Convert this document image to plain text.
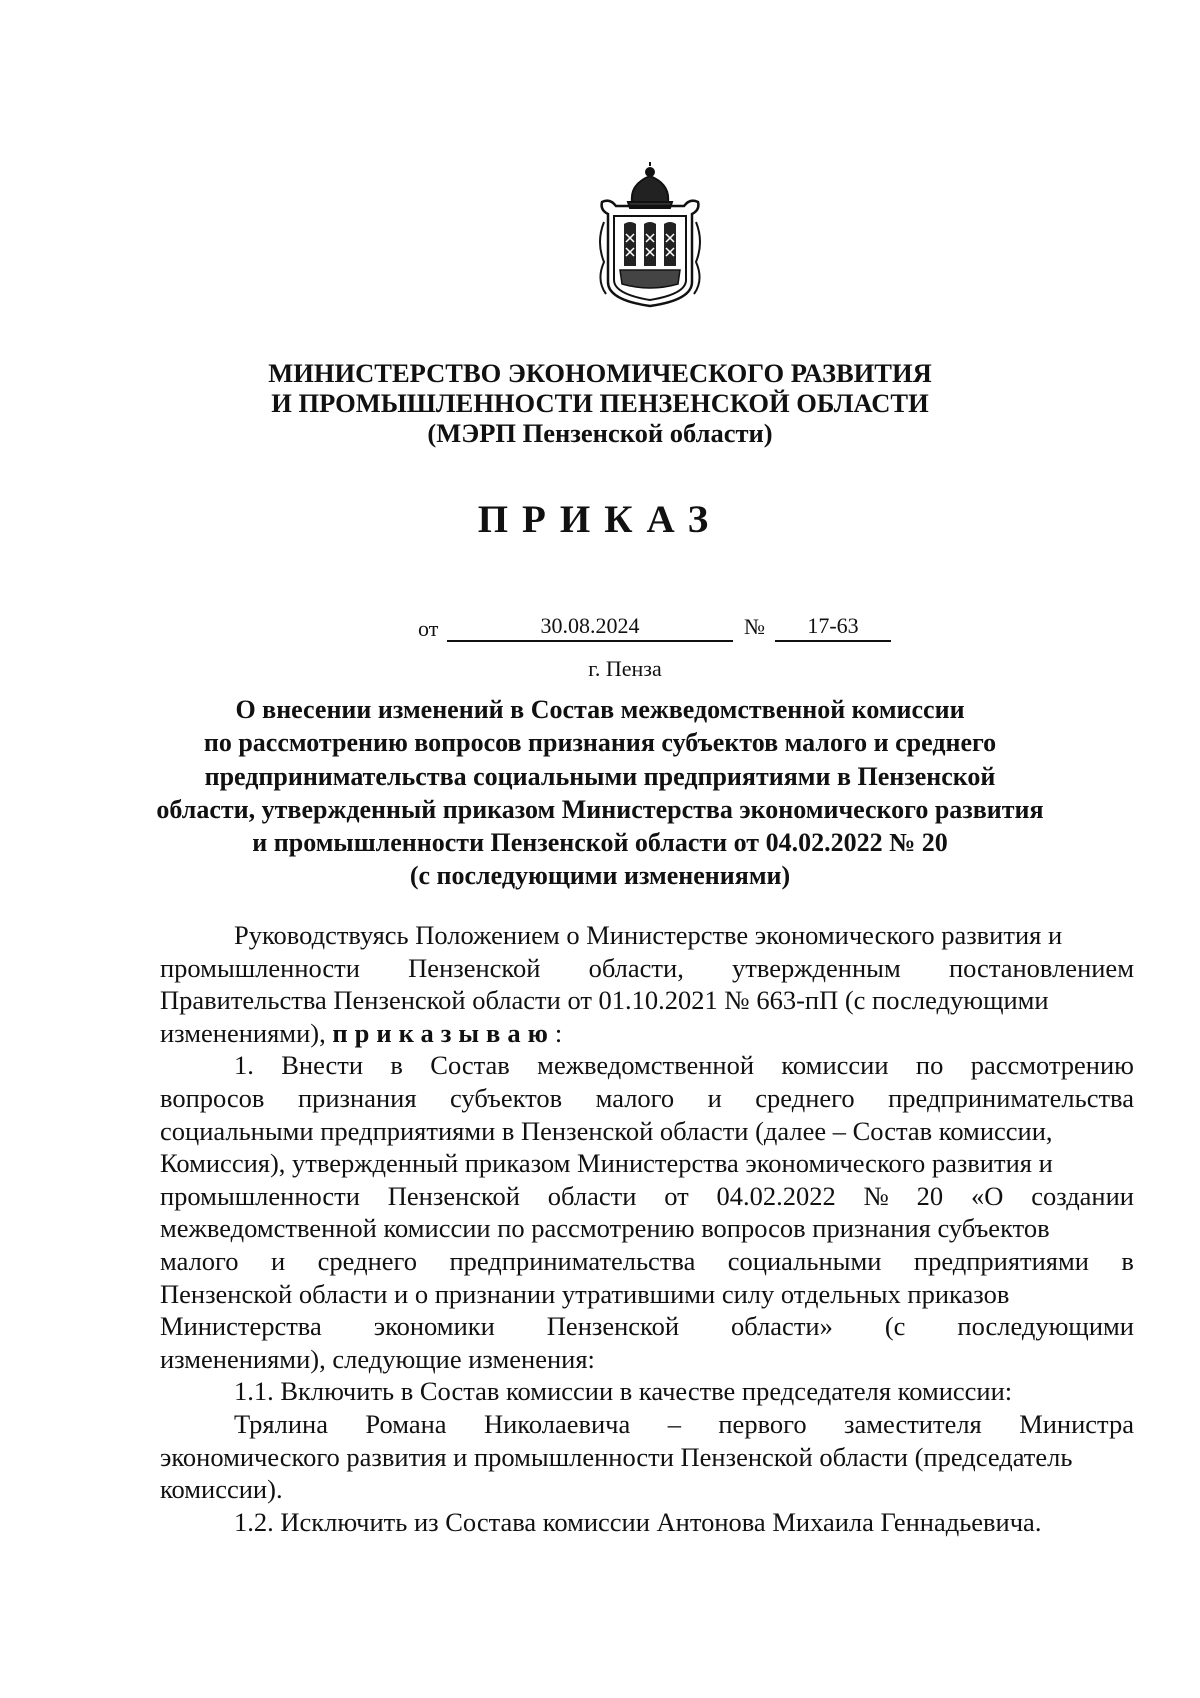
МИНИСТЕРСТВО ЭКОНОМИЧЕСКОГО РАЗВИТИЯ
И ПРОМЫШЛЕННОСТИ ПЕНЗЕНСКОЙ ОБЛАСТИ
(МЭРП Пензенской области)
ПРИКАЗ
от	30.08.2024	№	17-63
г. Пенза
О внесении изменений в Состав межведомственной комиссии
по рассмотрению вопросов признания субъектов малого и среднего
предпринимательства социальными предприятиями в Пензенской
области, утвержденный приказом Министерства экономического развития
и промышленности Пензенской области от 04.02.2022 № 20
(с последующими изменениями)
Руководствуясь Положением о Министерстве экономического развития и
промышленности Пензенской области, утвержденным постановлением
Правительства Пензенской области от 01.10.2021 № 663-пП (с последующими
изменениями), приказываю:
1. Внести в Состав межведомственной комиссии по рассмотрению
вопросов признания субъектов малого и среднего предпринимательства
социальными предприятиями в Пензенской области (далее – Состав комиссии,
Комиссия), утвержденный приказом Министерства экономического развития и
промышленности Пензенской области от 04.02.2022 № 20 «О создании
межведомственной комиссии по рассмотрению вопросов признания субъектов
малого и среднего предпринимательства социальными предприятиями в
Пензенской области и о признании утратившими силу отдельных приказов
Министерства экономики Пензенской области» (с последующими
изменениями), следующие изменения:
1.1. Включить в Состав комиссии в качестве председателя комиссии:
Трялина Романа Николаевича – первого заместителя Министра
экономического развития и промышленности Пензенской области (председатель
комиссии).
1.2. Исключить из Состава комиссии Антонова Михаила Геннадьевича.
